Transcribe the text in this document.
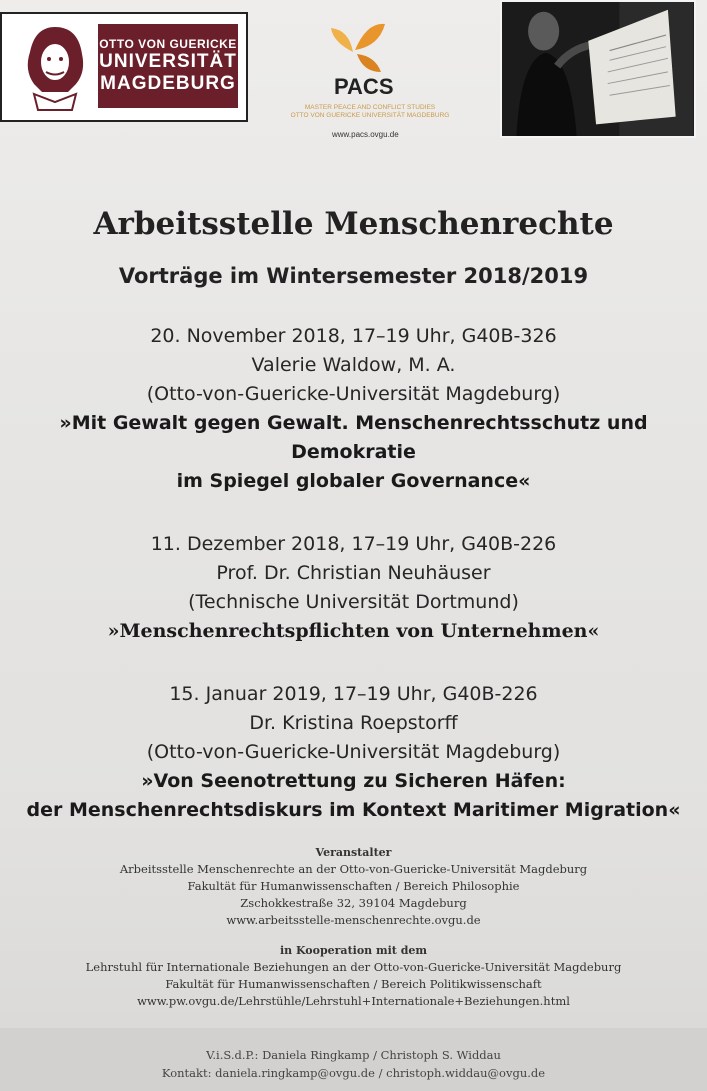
OTTO VON GUERICKE
UNIVERSITÄT
MAGDEBURG	PACS
MASTER PEACE AND CONFLICT STUDIES
OTTO VON GUERICKE UNIVERSITÄT MAGDEBURG
www.pacs.ovgu.de
Arbeitsstelle Menschenrechte
Vorträge im Wintersemester 2018/2019
20. November 2018, 17–19 Uhr, G40B-326
Valerie Waldow, M. A.
(Otto-von-Guericke-Universität Magdeburg)
»Mit Gewalt gegen Gewalt. Menschenrechtsschutz und Demokratie
im Spiegel globaler Governance«
11. Dezember 2018, 17–19 Uhr, G40B-226
Prof. Dr. Christian Neuhäuser
(Technische Universität Dortmund)
»Menschenrechtspflichten von Unternehmen«
15. Januar 2019, 17–19 Uhr, G40B-226
Dr. Kristina Roepstorff
(Otto-von-Guericke-Universität Magdeburg)
»Von Seenotrettung zu Sicheren Häfen:
der Menschenrechtsdiskurs im Kontext Maritimer Migration«
Veranstalter
Arbeitsstelle Menschenrechte an der Otto-von-Guericke-Universität Magdeburg
Fakultät für Humanwissenschaften / Bereich Philosophie
Zschokkestraße 32, 39104 Magdeburg
www.arbeitsstelle-menschenrechte.ovgu.de
in Kooperation mit dem
Lehrstuhl für Internationale Beziehungen an der Otto-von-Guericke-Universität Magdeburg
Fakultät für Humanwissenschaften / Bereich Politikwissenschaft
www.pw.ovgu.de/Lehrstühle/Lehrstuhl+Internationale+Beziehungen.html
V.i.S.d.P.: Daniela Ringkamp / Christoph S. Widdau
Kontakt: daniela.ringkamp@ovgu.de / christoph.widdau@ovgu.de
